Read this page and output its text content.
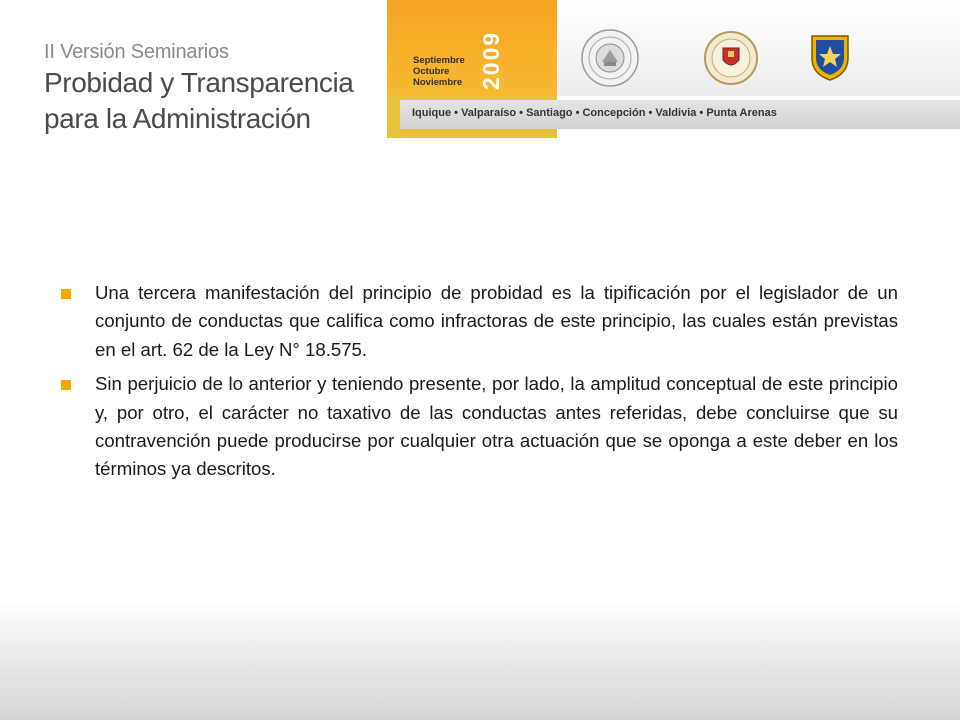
II Versión Seminarios
Probidad y Transparencia
para la Administración
Septiembre
Octubre
Noviembre 2009
Iquique • Valparaíso • Santiago • Concepción • Valdivia • Punta Arenas
Una tercera manifestación del principio de probidad es la tipificación por el legislador de un conjunto de conductas que califica como infractoras de este principio, las cuales están previstas en el art. 62 de la Ley N° 18.575.
Sin perjuicio de lo anterior y teniendo presente, por lado, la amplitud conceptual de este principio y, por otro, el carácter no taxativo de las conductas antes referidas, debe concluirse que su contravención puede producirse por cualquier otra actuación que se oponga a este deber en los términos ya descritos.
